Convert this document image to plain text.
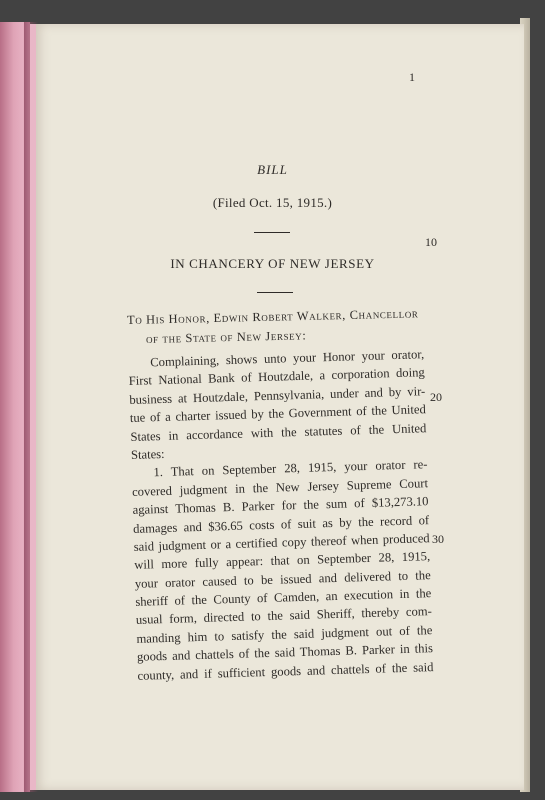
1
BILL
(Filed Oct. 15, 1915.)
IN CHANCERY OF NEW JERSEY
10
20
30
To His Honor, Edwin Robert Walker, Chancellor
of the State of New Jersey:
Complaining, shows unto your Honor your orator,
First National Bank of Houtzdale, a corporation doing
business at Houtzdale, Pennsylvania, under and by vir-
tue of a charter issued by the Government of the United
States in accordance with the statutes of the United
States:
1. That on September 28, 1915, your orator re-
covered judgment in the New Jersey Supreme Court
against Thomas B. Parker for the sum of $13,273.10
damages and $36.65 costs of suit as by the record of
said judgment or a certified copy thereof when produced
will more fully appear: that on September 28, 1915,
your orator caused to be issued and delivered to the
sheriff of the County of Camden, an execution in the
usual form, directed to the said Sheriff, thereby com-
manding him to satisfy the said judgment out of the
goods and chattels of the said Thomas B. Parker in this
county, and if sufficient goods and chattels of the said
